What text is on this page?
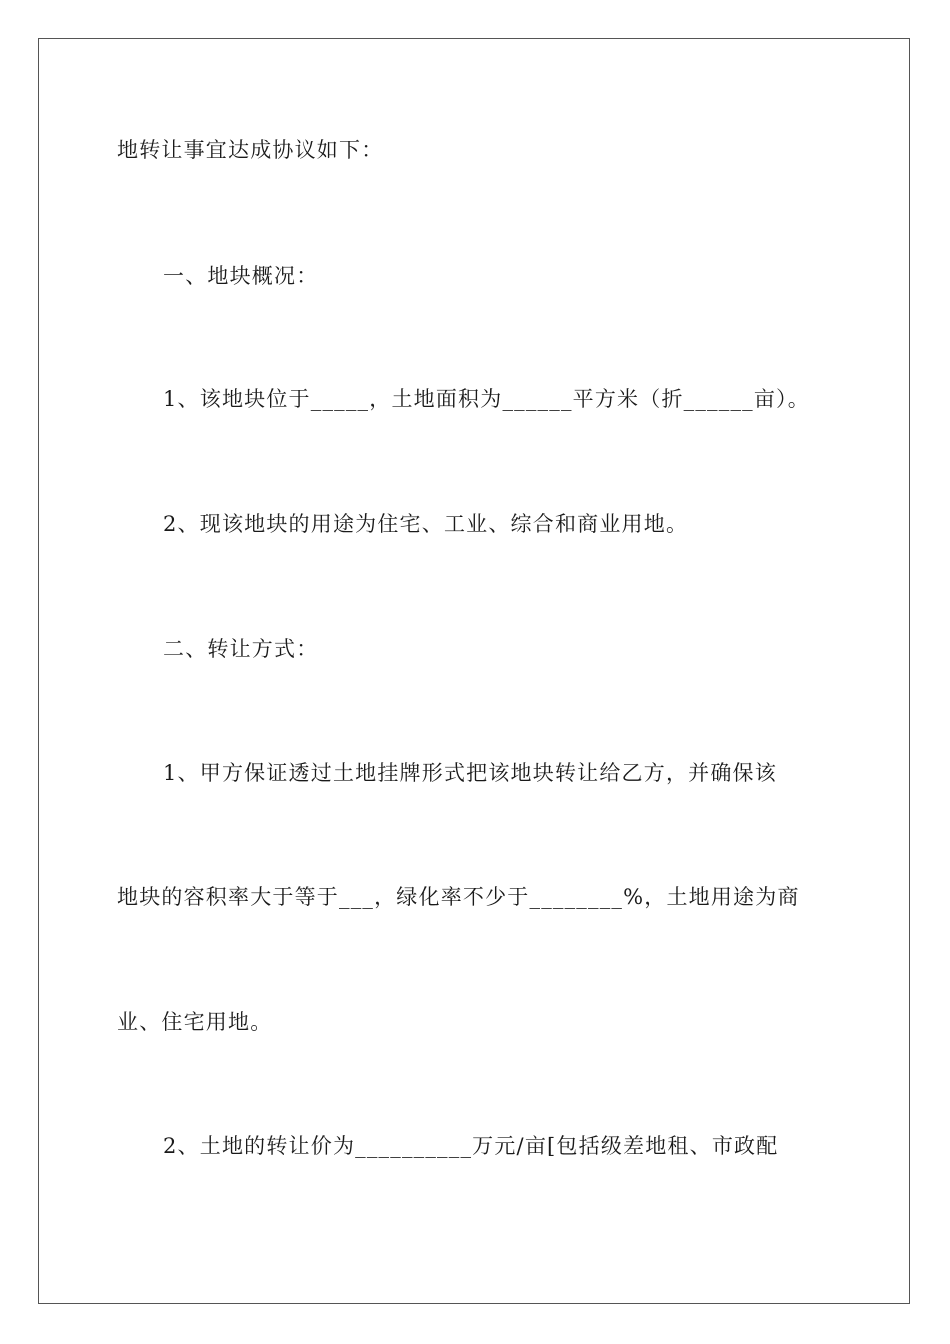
地转让事宜达成协议如下：
一、地块概况：
1、该地块位于_____，土地面积为______平方米（折______亩）。
2、现该地块的用途为住宅、工业、综合和商业用地。
二、转让方式：
1、甲方保证透过土地挂牌形式把该地块转让给乙方，并确保该
地块的容积率大于等于___，绿化率不少于________%，土地用途为商
业、住宅用地。
2、土地的转让价为__________万元/亩[包括级差地租、市政配
